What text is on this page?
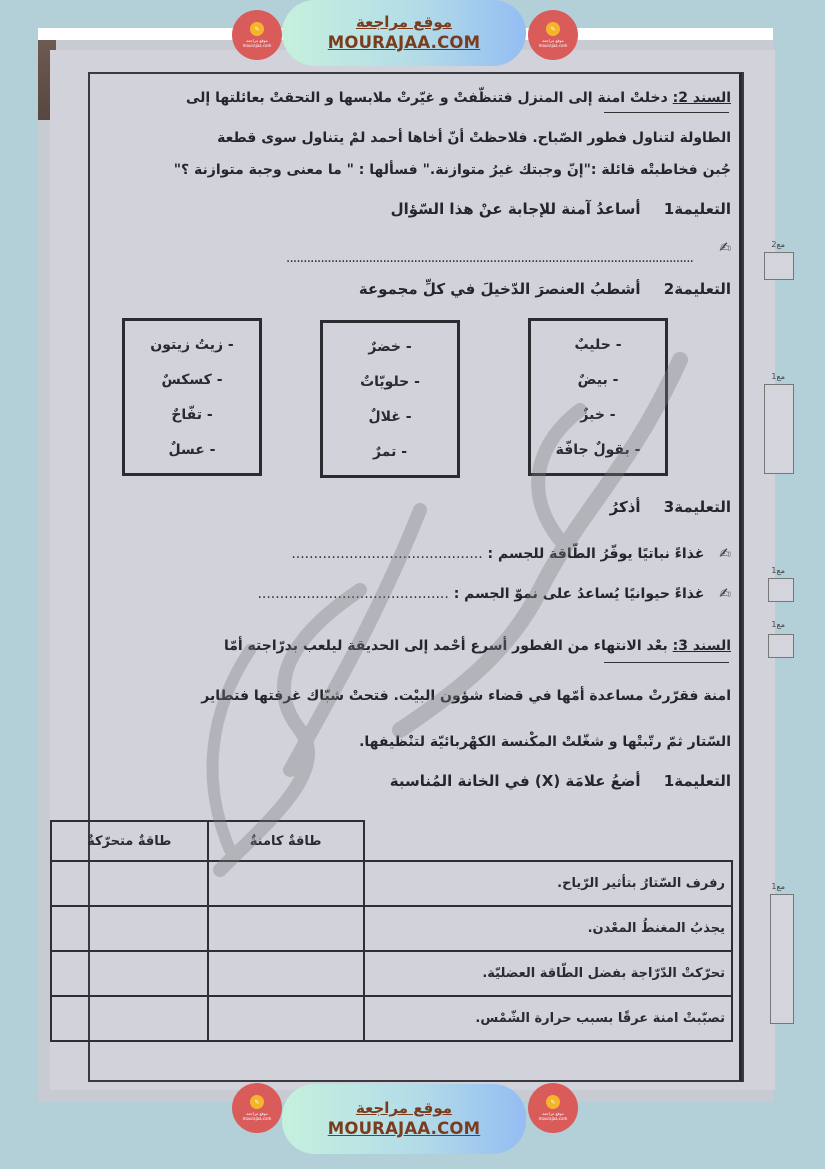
مع2
مع1
مع1
مع1
مع1
السند 2: دخلتْ امنة إلى المنزل فتنظّفتْ و غيّرتْ ملابسها و التحقتْ بعائلتها إلى
الطاولة لتناول فطور الصّباح. فلاحظتْ أنّ أخاها أحمد لمْ يتناول سوى قطعة
جُبن فخاطبتْه قائلة :"إنّ وجبتك غيرُ متوازنة." فسألها : " ما معنى وجبة متوازنة ؟"
التعليمة1 أساعدُ آمنة للإجابة عنْ هذا السّؤال
✍
......................................................................................................................
التعليمة2 أشطبُ العنصرَ الدّخيلَ في كلِّ مجموعة
- حليبٌ
- بيضٌ
- خبزٌ
- بقولٌ جافّة
- خضرٌ
- حلويّاتٌ
- غلالٌ
- تمرٌ
- زيتُ زيتون
- كسكسٌ
- تفّاحٌ
- عسلٌ
التعليمة3 أذكرُ
✍ غذاءً نباتيًا يوفّرُ الطّاقة للجسم : ...........................................
✍ غذاءً حيوانيًا يُساعدُ على نموّ الجسم : ...........................................
السند 3: بعْد الانتهاء من الفطور أسرع أحْمد إلى الحديقة ليلعب بدرّاجته أمّا
امنة فقرّرتْ مساعدة أمّها في قضاء شؤون البيْت. فتحتْ شبّاك غرفتها فتطاير
السّتار ثمّ رتّبتْها و شغّلتْ المكْنسة الكهْربائيّة لتنْظيفها.
التعليمة1 أضعُ علامَة (X) في الخانة المُناسبة
	طاقةٌ كامنةٌ	طاقةٌ متحرّكةٌ
رفرف السّتارُ بتأثير الرّياح.		
يجذبُ المغنطُ المعْدن.		
تحرّكتْ الدّرّاجة بفضل الطّاقة العضليّة.		
تصبّبتْ امنة عرقًا بسبب حرارة الشّمْس.		
✎
موقع مراجعة mourajaa.com
موقع مراجعة
MOURAJAA.COM
✎
موقع مراجعة mourajaa.com
✎
موقع مراجعة mourajaa.com
موقع مراجعة
MOURAJAA.COM
✎
موقع مراجعة mourajaa.com
